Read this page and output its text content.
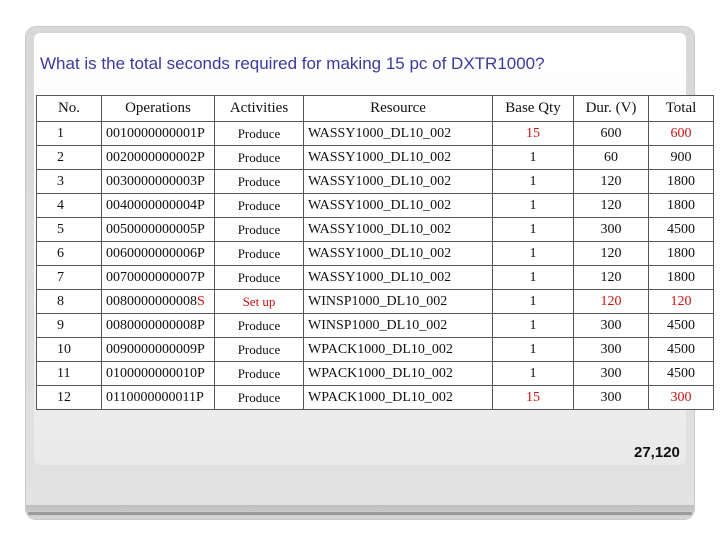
What is the total seconds required for making 15 pc of DXTR1000?
No.	Operations	Activities	Resource	Base Qty	Dur. (V)	Total
1	0010000000001P	Produce	WASSY1000_DL10_002	15	600	600
2	0020000000002P	Produce	WASSY1000_DL10_002	1	60	900
3	0030000000003P	Produce	WASSY1000_DL10_002	1	120	1800
4	0040000000004P	Produce	WASSY1000_DL10_002	1	120	1800
5	0050000000005P	Produce	WASSY1000_DL10_002	1	300	4500
6	0060000000006P	Produce	WASSY1000_DL10_002	1	120	1800
7	0070000000007P	Produce	WASSY1000_DL10_002	1	120	1800
8	0080000000008S	Set up	WINSP1000_DL10_002	1	120	120
9	0080000000008P	Produce	WINSP1000_DL10_002	1	300	4500
10	0090000000009P	Produce	WPACK1000_DL10_002	1	300	4500
11	0100000000010P	Produce	WPACK1000_DL10_002	1	300	4500
12	0110000000011P	Produce	WPACK1000_DL10_002	15	300	300
27,120
